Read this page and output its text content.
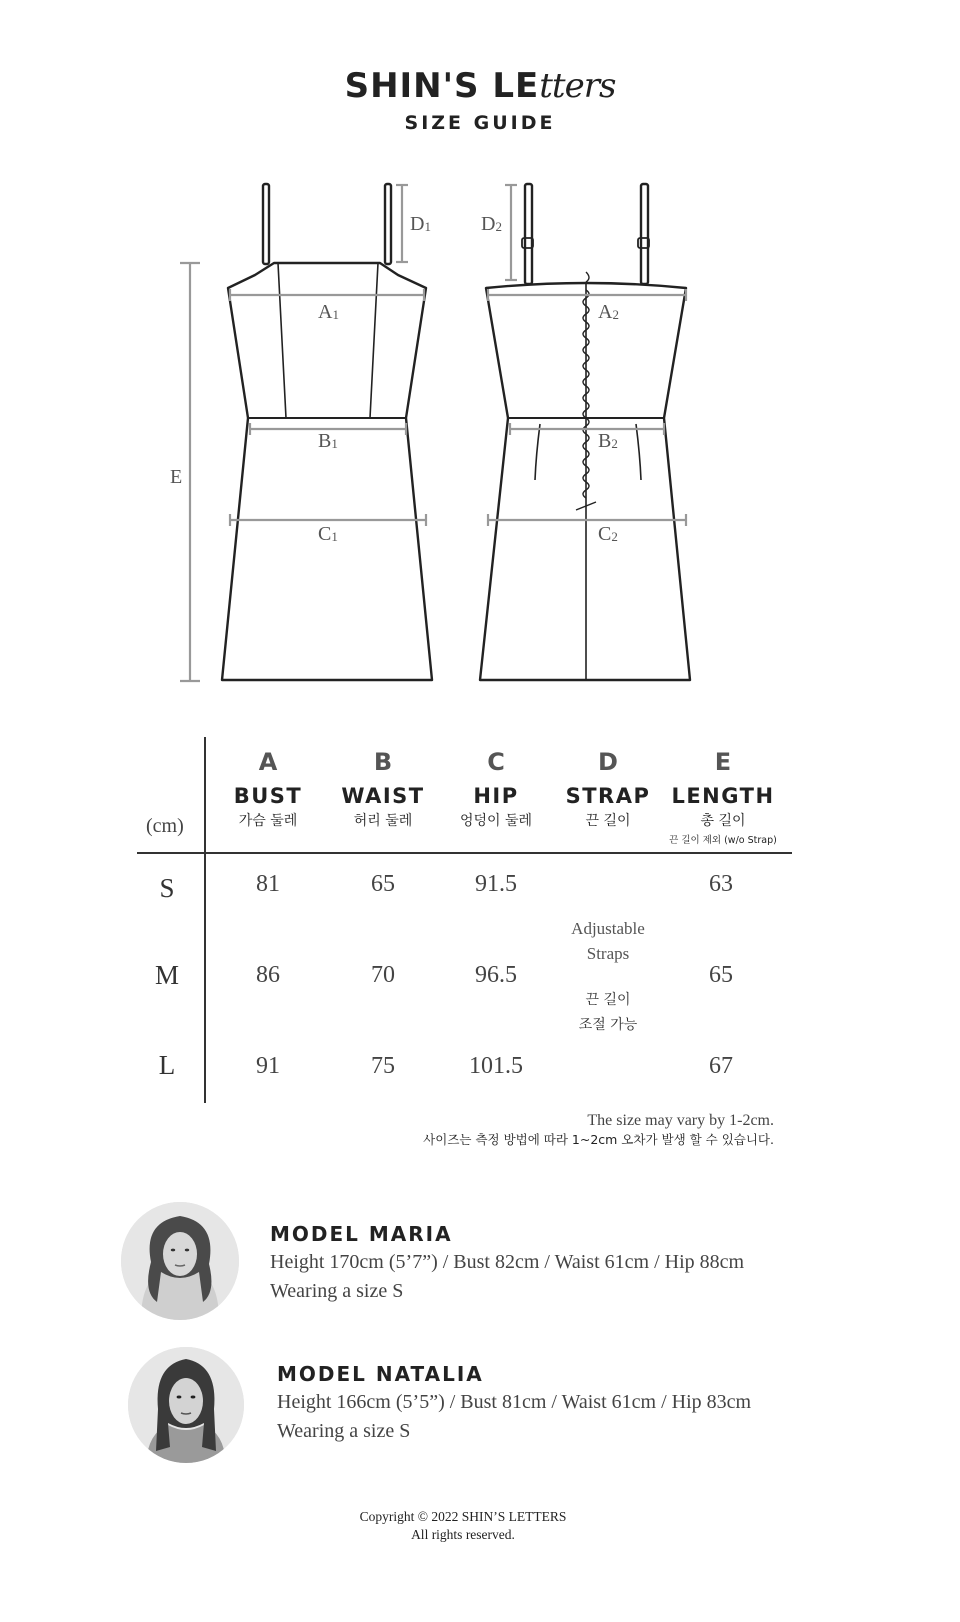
SHIN'S LEtters
SIZE GUIDE
A1
B1
C1
D1
E
A2
B2
C2
D2
(cm)
A
BUST
가슴 둘레
B
WAIST
허리 둘레
C
HIP
엉덩이 둘레
D
STRAP
끈 길이
E
LENGTH
총 길이
끈 길이 제외 (w/o Strap)
S	81	65	91.5	63
M	86	70	96.5	65
L	91	75	101.5	67
Adjustable
Straps
끈 길이
조절 가능
The size may vary by 1-2cm.
사이즈는 측정 방법에 따라 1~2cm 오차가 발생 할 수 있습니다.
MODEL MARIA
Height 170cm (5’7”) / Bust 82cm / Waist 61cm / Hip 88cm
Wearing a size S
MODEL NATALIA
Height 166cm (5’5”) / Bust 81cm / Waist 61cm / Hip 83cm
Wearing a size S
Copyright © 2022 SHIN’S LETTERS
All rights reserved.
